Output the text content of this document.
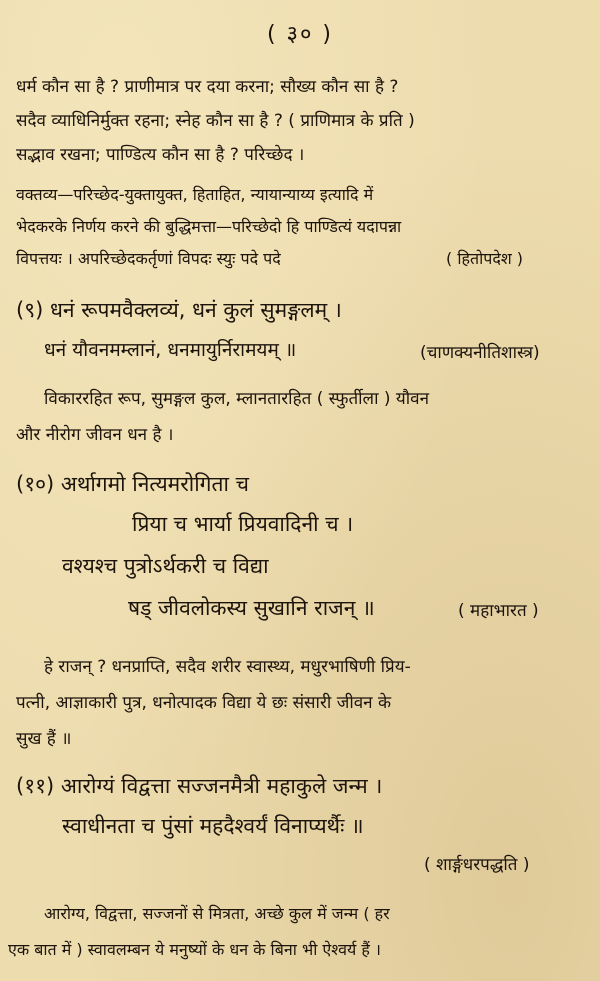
( ३० )
धर्म कौन सा है ? प्राणीमात्र पर दया करना; सौख्य कौन सा है ?
सदैव व्याधिनिर्मुक्त रहना; स्नेह कौन सा है ? ( प्राणिमात्र के प्रति )
सद्भाव रखना; पाण्डित्य कौन सा है ? परिच्छेद ।
वक्तव्य—परिच्छेद-युक्तायुक्त, हिताहित, न्यायान्याय्य इत्यादि में
भेदकरके निर्णय करने की बुद्धिमत्ता—परिच्छेदो हि पाण्डित्यं यदापन्ना
विपत्तयः । अपरिच्छेदकर्तृणां विपदः स्युः पदे पदे	( हितोपदेश )
(९) धनं रूपमवैक्लव्यं, धनं कुलं सुमङ्गलम् ।
धनं यौवनमम्लानं, धनमायुर्निरामयम् ॥	(चाणक्यनीतिशास्त्र)
विकाररहित रूप, सुमङ्गल कुल, म्लानतारहित ( स्फुर्तीला ) यौवन
और नीरोग जीवन धन है ।
(१०) अर्थागमो नित्यमरोगिता च
प्रिया च भार्या प्रियवादिनी च ।
वश्यश्च पुत्रोऽर्थकरी च विद्या
षड् जीवलोकस्य सुखानि राजन् ॥	( महाभारत )
हे राजन् ? धनप्राप्ति, सदैव शरीर स्वास्थ्य, मधुरभाषिणी प्रिय-
पत्नी, आज्ञाकारी पुत्र, धनोत्पादक विद्या ये छः संसारी जीवन के
सुख हैं ॥
(११) आरोग्यं विद्वत्ता सज्जनमैत्री महाकुले जन्म ।
स्वाधीनता च पुंसां महदैश्वर्यं विनाप्यर्थैः ॥
( शार्ङ्गधरपद्धति )
आरोग्य, विद्वत्ता, सज्जनों से मित्रता, अच्छे कुल में जन्म ( हर
एक बात में ) स्वावलम्बन ये मनुष्यों के धन के बिना भी ऐश्वर्य हैं ।
